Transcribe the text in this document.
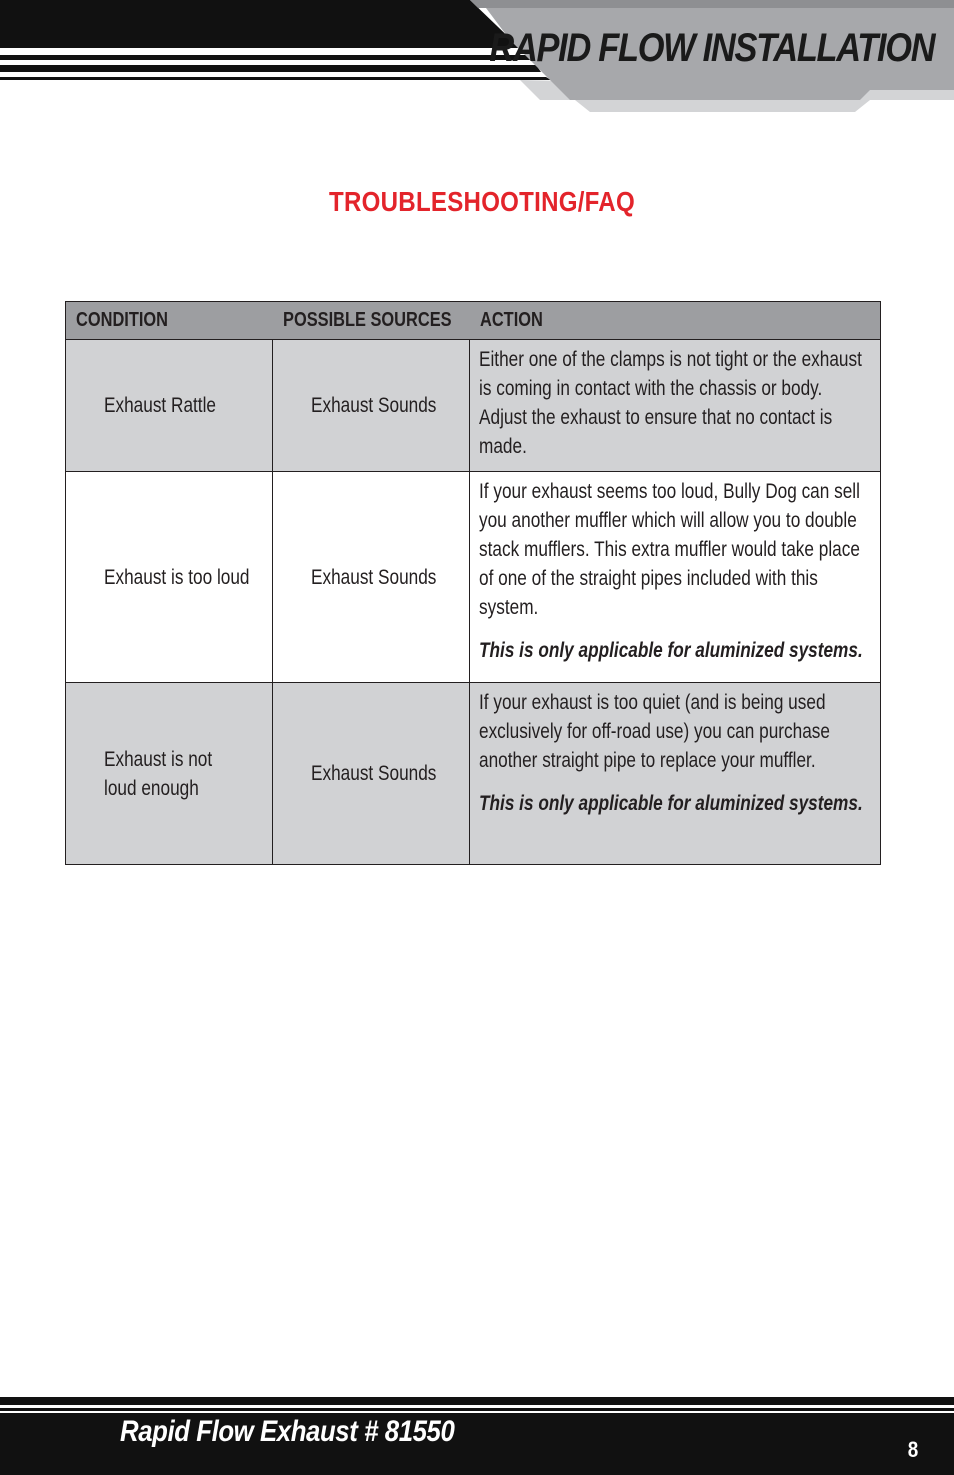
RAPID FLOW INSTALLATION
TROUBLESHOOTING/FAQ
CONDITION	POSSIBLE SOURCES	ACTION

Exhaust Rattle	Exhaust Sounds	Either one of the clamps is not tight or the exhaust is coming in contact with the chassis or body. Adjust the exhaust to ensure that no contact is made.

Exhaust is too loud	Exhaust Sounds	If your exhaust seems too loud, Bully Dog can sell you another muffler which will allow you to double stack mufflers. This extra muffler would take place of one of the straight pipes included with this system.
This is only applicable for aluminized systems.

Exhaust is not loud enough	Exhaust Sounds	If your exhaust is too quiet (and is being used exclusively for off-road use) you can purchase another straight pipe to replace your muffler.
This is only applicable for aluminized systems.
Rapid Flow Exhaust # 81550
8
